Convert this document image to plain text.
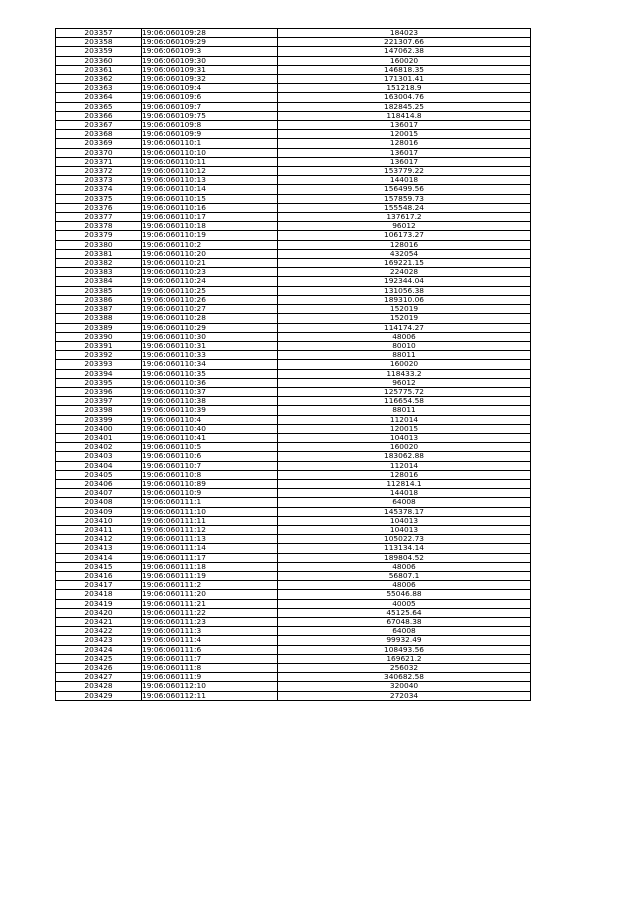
203357	19:06:060109:28	184023
203358	19:06:060109:29	221307.66
203359	19:06:060109:3	147062.38
203360	19:06:060109:30	160020
203361	19:06:060109:31	146818.35
203362	19:06:060109:32	171301.41
203363	19:06:060109:4	151218.9
203364	19:06:060109:6	163004.76
203365	19:06:060109:7	182845.25
203366	19:06:060109:75	118414.8
203367	19:06:060109:8	136017
203368	19:06:060109:9	120015
203369	19:06:060110:1	128016
203370	19:06:060110:10	136017
203371	19:06:060110:11	136017
203372	19:06:060110:12	153779.22
203373	19:06:060110:13	144018
203374	19:06:060110:14	156499.56
203375	19:06:060110:15	157859.73
203376	19:06:060110:16	155548.24
203377	19:06:060110:17	137617.2
203378	19:06:060110:18	96012
203379	19:06:060110:19	106173.27
203380	19:06:060110:2	128016
203381	19:06:060110:20	432054
203382	19:06:060110:21	169221.15
203383	19:06:060110:23	224028
203384	19:06:060110:24	192344.04
203385	19:06:060110:25	131056.38
203386	19:06:060110:26	189310.06
203387	19:06:060110:27	152019
203388	19:06:060110:28	152019
203389	19:06:060110:29	114174.27
203390	19:06:060110:30	48006
203391	19:06:060110:31	80010
203392	19:06:060110:33	88011
203393	19:06:060110:34	160020
203394	19:06:060110:35	118433.2
203395	19:06:060110:36	96012
203396	19:06:060110:37	125775.72
203397	19:06:060110:38	116654.58
203398	19:06:060110:39	88011
203399	19:06:060110:4	112014
203400	19:06:060110:40	120015
203401	19:06:060110:41	104013
203402	19:06:060110:5	160020
203403	19:06:060110:6	183062.88
203404	19:06:060110:7	112014
203405	19:06:060110:8	128016
203406	19:06:060110:89	112814.1
203407	19:06:060110:9	144018
203408	19:06:060111:1	64008
203409	19:06:060111:10	145378.17
203410	19:06:060111:11	104013
203411	19:06:060111:12	104013
203412	19:06:060111:13	105022.73
203413	19:06:060111:14	113134.14
203414	19:06:060111:17	189804.52
203415	19:06:060111:18	48006
203416	19:06:060111:19	56807.1
203417	19:06:060111:2	48006
203418	19:06:060111:20	55046.88
203419	19:06:060111:21	40005
203420	19:06:060111:22	45125.64
203421	19:06:060111:23	67048.38
203422	19:06:060111:3	64008
203423	19:06:060111:4	99932.49
203424	19:06:060111:6	108493.56
203425	19:06:060111:7	169621.2
203426	19:06:060111:8	256032
203427	19:06:060111:9	340682.58
203428	19:06:060112:10	320040
203429	19:06:060112:11	272034
